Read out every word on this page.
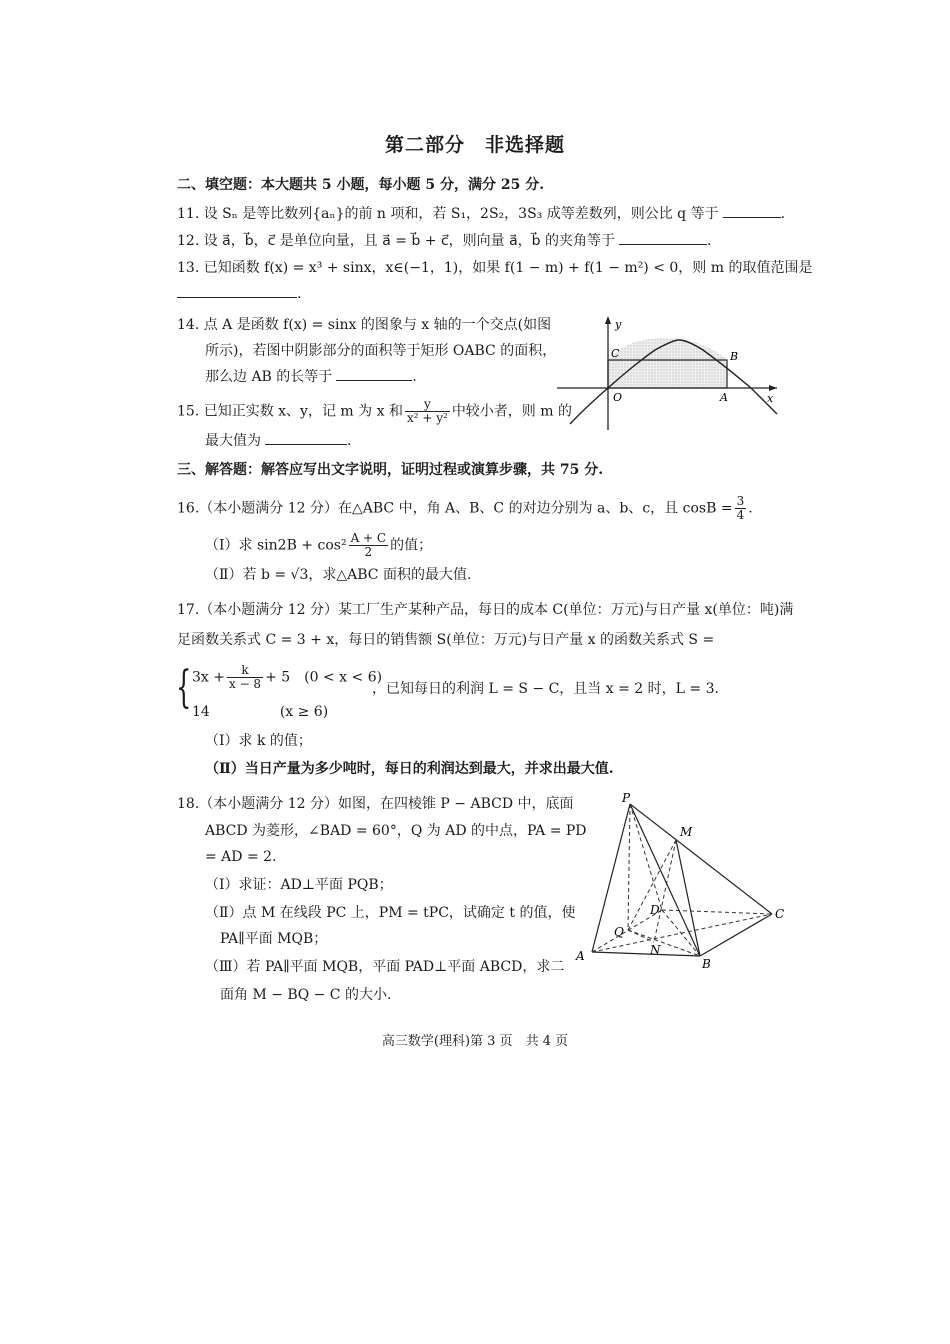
第二部分　非选择题
二、填空题：本大题共 5 小题，每小题 5 分，满分 25 分.
11. 设 Sₙ 是等比数列{aₙ}的前 n 项和，若 S₁，2S₂，3S₃ 成等差数列，则公比 q 等于	.
12. 设 a⃗，b⃗，c⃗ 是单位向量，且 a⃗ = b⃗ + c⃗，则向量 a⃗，b⃗ 的夹角等于	.
13. 已知函数 f(x) = x³ + sinx，x∈(−1，1)，如果 f(1 − m) + f(1 − m²) < 0，则 m 的取值范围是
.
14. 点 A 是函数 f(x) = sinx 的图象与 x 轴的一个交点(如图
所示)，若图中阴影部分的面积等于矩形 OABC 的面积，
那么边 AB 的长等于	.
15. 已知正实数 x、y，记 m 为 x 和 $\frac{y}{\text{x² + y²}}$ 中较小者，则 m 的
最大值为	.
三、解答题：解答应写出文字说明，证明过程或演算步骤，共 75 分.
16.（本小题满分 12 分）在△ABC 中，角 A、B、C 的对边分别为 a、b、c，且 $\cos B = \frac{3}{4}$ .
（Ⅰ）求 $\sin 2B + \cos^2 \frac{A + C}{2}$ 的值；
（Ⅱ）若 b = √3，求△ABC 面积的最大值.
17.（本小题满分 12 分）某工厂生产某种产品，每日的成本 C(单位：万元)与日产量 x(单位：吨)满
足函数关系式 C = 3 + x，每日的销售额 S(单位：万元)与日产量 x 的函数关系式 S =
{ $3x + \frac{k}{x - 8} + 5$　(0 < x < 6)
，已知每日的利润 L = S − C，且当 x = 2 时，L = 3.
14　　　　　(x ≥ 6)
（Ⅰ）求 k 的值；
（Ⅱ）当日产量为多少吨时，每日的利润达到最大，并求出最大值.
18.（本小题满分 12 分）如图，在四棱锥 P − ABCD 中，底面
ABCD 为菱形，∠BAD = 60°，Q 为 AD 的中点，PA = PD
= AD = 2.
（Ⅰ）求证：AD⊥平面 PQB；
（Ⅱ）点 M 在线段 PC 上，PM = tPC，试确定 t 的值，使
PA∥平面 MQB；
（Ⅲ）若 PA∥平面 MQB，平面 PAD⊥平面 ABCD，求二
面角 M − BQ − C 的大小.
y
C	B
O	A	x
P
M
D	C
Q
N
A
B
高三数学(理科)第 3 页　共 4 页
